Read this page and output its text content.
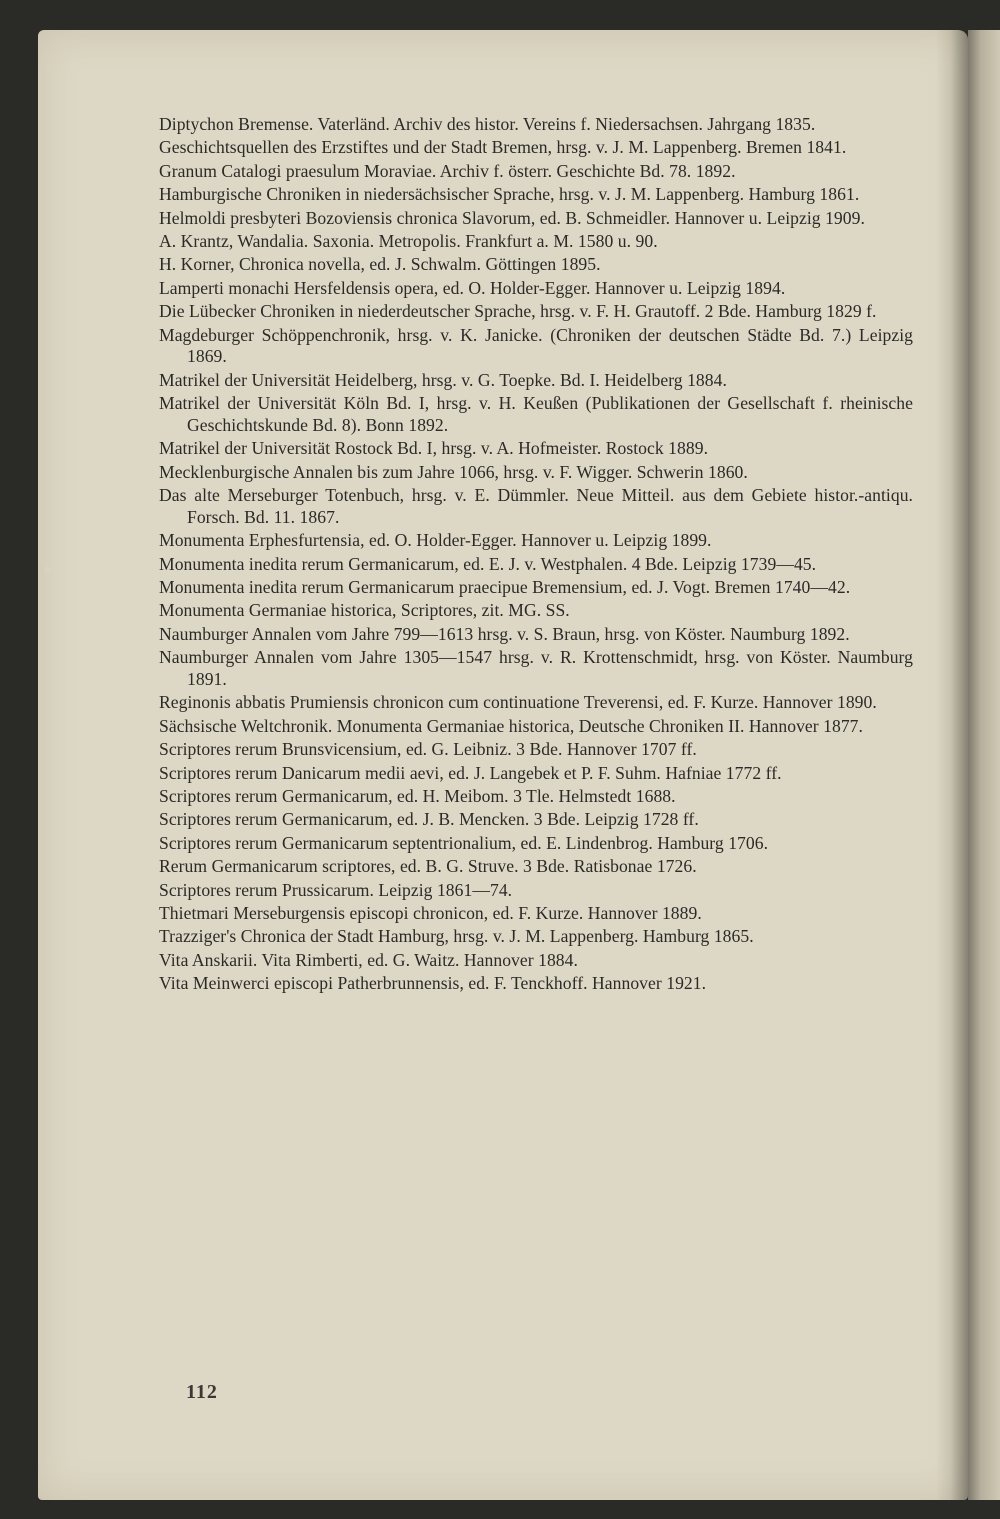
Diptychon Bremense. Vaterländ. Archiv des histor. Vereins f. Niedersachsen. Jahrgang 1835.

Geschichtsquellen des Erzstiftes und der Stadt Bremen, hrsg. v. J. M. Lappenberg. Bremen 1841.

Granum Catalogi praesulum Moraviae. Archiv f. österr. Geschichte Bd. 78. 1892.

Hamburgische Chroniken in niedersächsischer Sprache, hrsg. v. J. M. Lappenberg. Hamburg 1861.

Helmoldi presbyteri Bozoviensis chronica Slavorum, ed. B. Schmeidler. Hannover u. Leipzig 1909.

A. Krantz, Wandalia. Saxonia. Metropolis. Frankfurt a. M. 1580 u. 90.

H. Korner, Chronica novella, ed. J. Schwalm. Göttingen 1895.

Lamperti monachi Hersfeldensis opera, ed. O. Holder-Egger. Hannover u. Leipzig 1894.

Die Lübecker Chroniken in niederdeutscher Sprache, hrsg. v. F. H. Grautoff. 2 Bde. Hamburg 1829 f.

Magdeburger Schöppenchronik, hrsg. v. K. Janicke. (Chroniken der deutschen Städte Bd. 7.) Leipzig 1869.

Matrikel der Universität Heidelberg, hrsg. v. G. Toepke. Bd. I. Heidelberg 1884.

Matrikel der Universität Köln Bd. I, hrsg. v. H. Keußen (Publikationen der Gesellschaft f. rheinische Geschichtskunde Bd. 8). Bonn 1892.

Matrikel der Universität Rostock Bd. I, hrsg. v. A. Hofmeister. Rostock 1889.

Mecklenburgische Annalen bis zum Jahre 1066, hrsg. v. F. Wigger. Schwerin 1860.

Das alte Merseburger Totenbuch, hrsg. v. E. Dümmler. Neue Mitteil. aus dem Gebiete histor.-antiqu. Forsch. Bd. 11. 1867.

Monumenta Erphesfurtensia, ed. O. Holder-Egger. Hannover u. Leipzig 1899.

Monumenta inedita rerum Germanicarum, ed. E. J. v. Westphalen. 4 Bde. Leipzig 1739—45.

Monumenta inedita rerum Germanicarum praecipue Bremensium, ed. J. Vogt. Bremen 1740—42.

Monumenta Germaniae historica, Scriptores, zit. MG. SS.

Naumburger Annalen vom Jahre 799—1613 hrsg. v. S. Braun, hrsg. von Köster. Naumburg 1892.

Naumburger Annalen vom Jahre 1305—1547 hrsg. v. R. Krottenschmidt, hrsg. von Köster. Naumburg 1891.

Reginonis abbatis Prumiensis chronicon cum continuatione Treverensi, ed. F. Kurze. Hannover 1890.

Sächsische Weltchronik. Monumenta Germaniae historica, Deutsche Chroniken II. Hannover 1877.

Scriptores rerum Brunsvicensium, ed. G. Leibniz. 3 Bde. Hannover 1707 ff.

Scriptores rerum Danicarum medii aevi, ed. J. Langebek et P. F. Suhm. Hafniae 1772 ff.

Scriptores rerum Germanicarum, ed. H. Meibom. 3 Tle. Helmstedt 1688.

Scriptores rerum Germanicarum, ed. J. B. Mencken. 3 Bde. Leipzig 1728 ff.

Scriptores rerum Germanicarum septentrionalium, ed. E. Lindenbrog. Hamburg 1706.

Rerum Germanicarum scriptores, ed. B. G. Struve. 3 Bde. Ratisbonae 1726.

Scriptores rerum Prussicarum. Leipzig 1861—74.

Thietmari Merseburgensis episcopi chronicon, ed. F. Kurze. Hannover 1889.

Trazziger's Chronica der Stadt Hamburg, hrsg. v. J. M. Lappenberg. Hamburg 1865.

Vita Anskarii. Vita Rimberti, ed. G. Waitz. Hannover 1884.

Vita Meinwerci episcopi Patherbrunnensis, ed. F. Tenckhoff. Hannover 1921.

112
